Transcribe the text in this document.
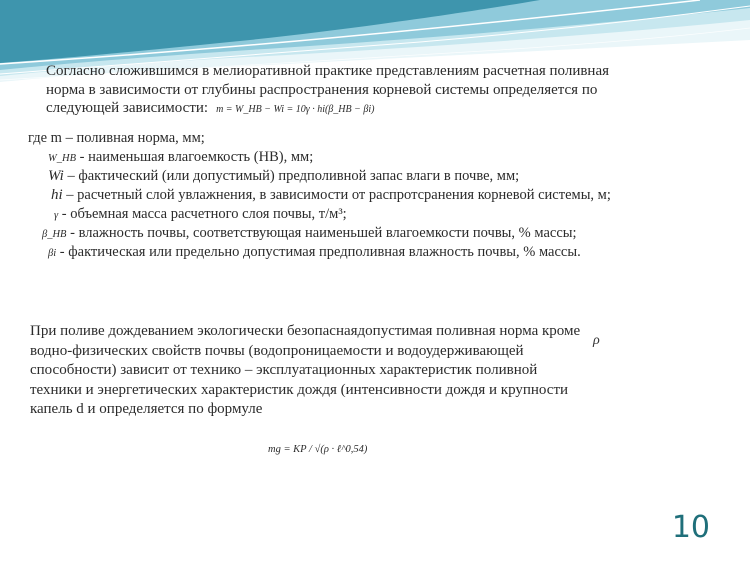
Согласно сложившимся в мелиоративной практике представлениям расчетная поливная
норма в зависимости от глубины распространения корневой системы определяется по
следующей зависимости: m = W_НВ − Wi = 10γ · hi(β_НВ − βi)
где m – поливная норма, мм;
W_НВ - наименьшая влагоемкость (НВ), мм;
Wi – фактический (или допустимый) предполивной запас влаги в почве, мм;
hi – расчетный слой увлажнения, в зависимости от распротсранения корневой системы, м;
γ - объемная масса расчетного слоя почвы, т/м³;
β_НВ - влажность почвы, соответствующая наименьшей влагоемкости почвы, % массы;
βi - фактическая или предельно допустимая предполивная влажность почвы, % массы.
При поливе дождеванием экологически безопаснаядопустимая поливная норма кроме
водно-физических свойств почвы (водопроницаемости и водоудерживающей
способности) зависит от технико – эксплуатационных характеристик поливной
техники и энергетических характеристик дождя (интенсивности дождя и крупности
капель d и определяется по формуле
ρ
mg = KP / √(ρ · ℓ^0,54)
10
